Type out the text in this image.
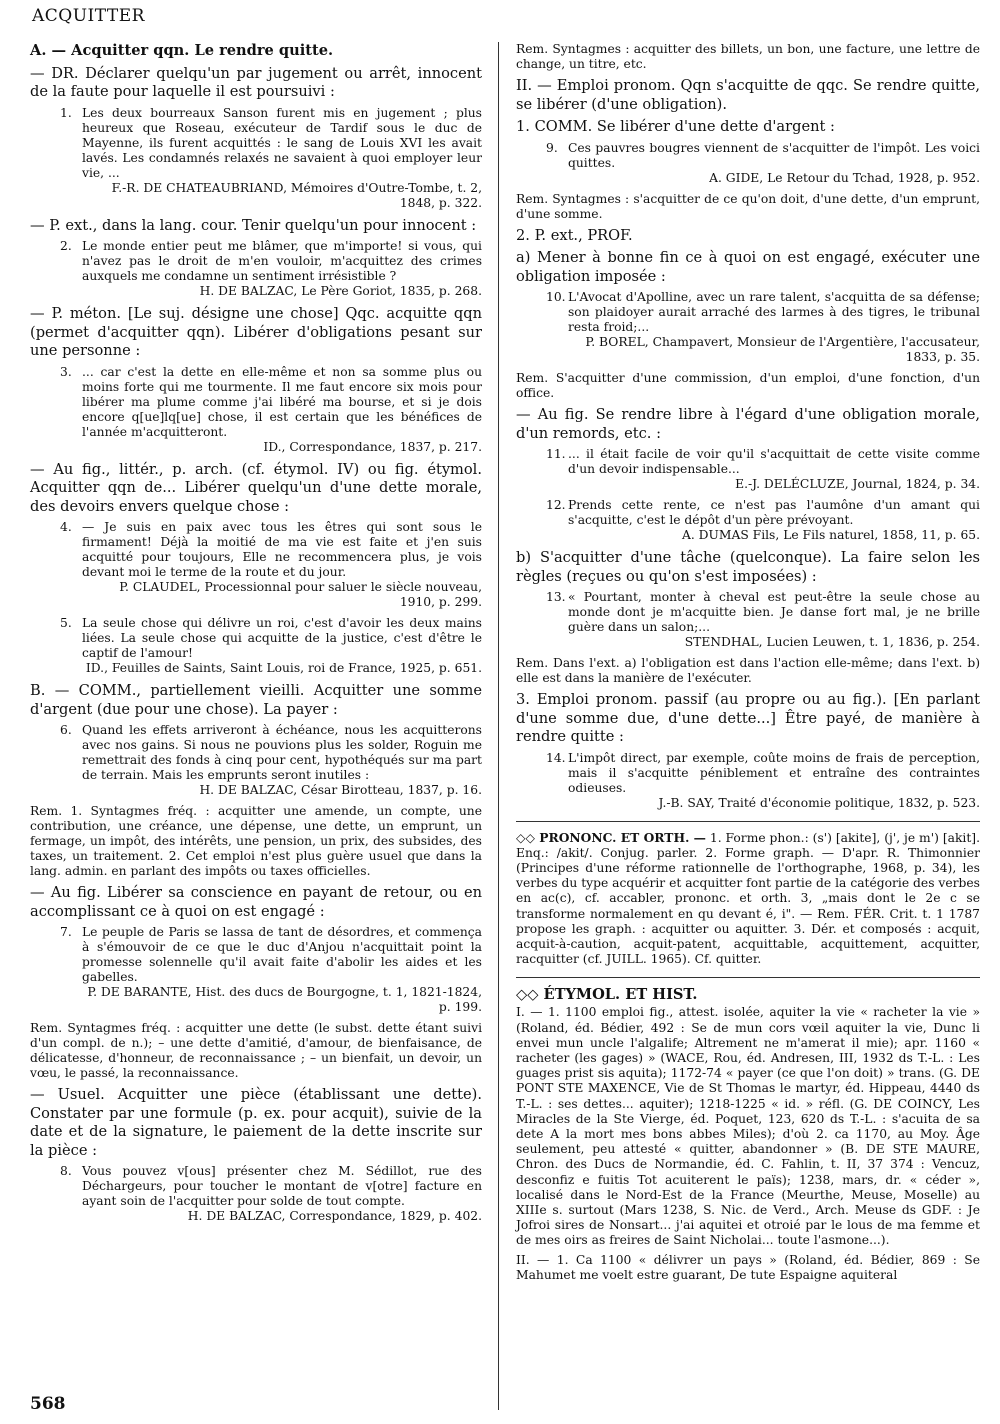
ACQUITTER

A. — Acquitter qqn. Le rendre quitte.

— DR. Déclarer quelqu'un par jugement ou arrêt, innocent de la faute pour laquelle il est poursuivi :

1. Les deux bourreaux Sanson furent mis en jugement ; plus heureux que Roseau, exécuteur de Tardif sous le duc de Mayenne, ils furent acquittés : le sang de Louis XVI les avait lavés. Les condamnés relaxés ne savaient à quoi employer leur vie, ...
F.-R. DE CHATEAUBRIAND, Mémoires d'Outre-Tombe, t. 2, 1848, p. 322.

— P. ext., dans la lang. cour. Tenir quelqu'un pour innocent :

2. Le monde entier peut me blâmer, que m'importe! si vous, qui n'avez pas le droit de m'en vouloir, m'acquittez des crimes auxquels me condamne un sentiment irrésistible ?
H. DE BALZAC, Le Père Goriot, 1835, p. 268.

— P. méton. [Le suj. désigne une chose] Qqc. acquitte qqn (permet d'acquitter qqn). Libérer d'obligations pesant sur une personne :

3. ... car c'est la dette en elle-même et non sa somme plus ou moins forte qui me tourmente. Il me faut encore six mois pour libérer ma plume comme j'ai libéré ma bourse, et si je dois encore q[ue]lq[ue] chose, il est certain que les bénéfices de l'année m'acquitteront.
ID., Correspondance, 1837, p. 217.

— Au fig., littér., p. arch. (cf. étymol. IV) ou fig. étymol. Acquitter qqn de... Libérer quelqu'un d'une dette morale, des devoirs envers quelque chose :

4. — Je suis en paix avec tous les êtres qui sont sous le firmament! Déjà la moitié de ma vie est faite et j'en suis acquitté pour toujours, Elle ne recommencera plus, je vois devant moi le terme de la route et du jour.
P. CLAUDEL, Processionnal pour saluer le siècle nouveau, 1910, p. 299.
5. La seule chose qui délivre un roi, c'est d'avoir les deux mains liées. La seule chose qui acquitte de la justice, c'est d'être le captif de l'amour!
ID., Feuilles de Saints, Saint Louis, roi de France, 1925, p. 651.

B. — COMM., partiellement vieilli. Acquitter une somme d'argent (due pour une chose). La payer :

6. Quand les effets arriveront à échéance, nous les acquitterons avec nos gains. Si nous ne pouvions plus les solder, Roguin me remettrait des fonds à cinq pour cent, hypothéqués sur ma part de terrain. Mais les emprunts seront inutiles :
H. DE BALZAC, César Birotteau, 1837, p. 16.

Rem. 1. Syntagmes fréq. : acquitter une amende, un compte, une contribution, une créance, une dépense, une dette, un emprunt, un fermage, un impôt, des intérêts, une pension, un prix, des subsides, des taxes, un traitement. 2. Cet emploi n'est plus guère usuel que dans la lang. admin. en parlant des impôts ou taxes officielles.

— Au fig. Libérer sa conscience en payant de retour, ou en accomplissant ce à quoi on est engagé :

7. Le peuple de Paris se lassa de tant de désordres, et commença à s'émouvoir de ce que le duc d'Anjou n'acquittait point la promesse solennelle qu'il avait faite d'abolir les aides et les gabelles.
P. DE BARANTE, Hist. des ducs de Bourgogne, t. 1, 1821-1824, p. 199.

Rem. Syntagmes fréq. : acquitter une dette (le subst. dette étant suivi d'un compl. de n.); – une dette d'amitié, d'amour, de bienfaisance, de délicatesse, d'honneur, de reconnaissance ; – un bienfait, un devoir, un vœu, le passé, la reconnaissance.

— Usuel. Acquitter une pièce (établissant une dette). Constater par une formule (p. ex. pour acquit), suivie de la date et de la signature, le paiement de la dette inscrite sur la pièce :

8. Vous pouvez v[ous] présenter chez M. Sédillot, rue des Déchargeurs, pour toucher le montant de v[otre] facture en ayant soin de l'acquitter pour solde de tout compte.
H. DE BALZAC, Correspondance, 1829, p. 402.

Rem. Syntagmes : acquitter des billets, un bon, une facture, une lettre de change, un titre, etc.

II. — Emploi pronom. Qqn s'acquitte de qqc. Se rendre quitte, se libérer (d'une obligation).

1. COMM. Se libérer d'une dette d'argent :

9. Ces pauvres bougres viennent de s'acquitter de l'impôt. Les voici quittes.
A. GIDE, Le Retour du Tchad, 1928, p. 952.

Rem. Syntagmes : s'acquitter de ce qu'on doit, d'une dette, d'un emprunt, d'une somme.

2. P. ext., PROF.

a) Mener à bonne fin ce à quoi on est engagé, exécuter une obligation imposée :

10. L'Avocat d'Apolline, avec un rare talent, s'acquitta de sa défense; son plaidoyer aurait arraché des larmes à des tigres, le tribunal resta froid;...
P. BOREL, Champavert, Monsieur de l'Argentière, l'accusateur, 1833, p. 35.

Rem. S'acquitter d'une commission, d'un emploi, d'une fonction, d'un office.

— Au fig. Se rendre libre à l'égard d'une obligation morale, d'un remords, etc. :

11. ... il était facile de voir qu'il s'acquittait de cette visite comme d'un devoir indispensable...
E.-J. DELÉCLUZE, Journal, 1824, p. 34.
12. Prends cette rente, ce n'est pas l'aumône d'un amant qui s'acquitte, c'est le dépôt d'un père prévoyant.
A. DUMAS Fils, Le Fils naturel, 1858, 11, p. 65.

b) S'acquitter d'une tâche (quelconque). La faire selon les règles (reçues ou qu'on s'est imposées) :

13. « Pourtant, monter à cheval est peut-être la seule chose au monde dont je m'acquitte bien. Je danse fort mal, je ne brille guère dans un salon;...
STENDHAL, Lucien Leuwen, t. 1, 1836, p. 254.

Rem. Dans l'ext. a) l'obligation est dans l'action elle-même; dans l'ext. b) elle est dans la manière de l'exécuter.

3. Emploi pronom. passif (au propre ou au fig.). [En parlant d'une somme due, d'une dette...] Être payé, de manière à rendre quitte :

14. L'impôt direct, par exemple, coûte moins de frais de perception, mais il s'acquitte péniblement et entraîne des contraintes odieuses.
J.-B. SAY, Traité d'économie politique, 1832, p. 523.

◇◇ PRONONC. ET ORTH. — 1. Forme phon.: (s') [akite], (j', je m') [akit]. Enq.: /akit/. Conjug. parler. 2. Forme graph. — D'apr. R. Thimonnier (Principes d'une réforme rationnelle de l'orthographe, 1968, p. 34), les verbes du type acquérir et acquitter font partie de la catégorie des verbes en ac(c), cf. accabler, prononc. et orth. 3, „mais dont le 2e c se transforme normalement en qu devant é, i". — Rem. FÉR. Crit. t. 1 1787 propose les graph. : acquitter ou aquitter. 3. Dér. et composés : acquit, acquit-à-caution, acquit-patent, acquittable, acquittement, acquitter, racquitter (cf. JUILL. 1965). Cf. quitter.

◇◇ ÉTYMOL. ET HIST.

I. — 1. 1100 emploi fig., attest. isolée, aquiter la vie « racheter la vie » (Roland, éd. Bédier, 492 : Se de mun cors vœil aquiter la vie, Dunc li envei mun uncle l'algalife; Altrement ne m'amerat il mie); apr. 1160 « racheter (les gages) » (WACE, Rou, éd. Andresen, III, 1932 ds T.-L. : Les guages prist sis aquita); 1172-74 « payer (ce que l'on doit) » trans. (G. DE PONT STE MAXENCE, Vie de St Thomas le martyr, éd. Hippeau, 4440 ds T.-L. : ses dettes... aquiter); 1218-1225 « id. » réfl. (G. DE COINCY, Les Miracles de la Ste Vierge, éd. Poquet, 123, 620 ds T.-L. : s'acuita de sa dete A la mort mes bons abbes Miles); d'où 2. ca 1170, au Moy. Âge seulement, peu attesté « quitter, abandonner » (B. DE STE MAURE, Chron. des Ducs de Normandie, éd. C. Fahlin, t. II, 37 374 : Vencuz, desconfiz e fuitis Tot acuiterent le païs); 1238, mars, dr. « céder », localisé dans le Nord-Est de la France (Meurthe, Meuse, Moselle) au XIIIe s. surtout (Mars 1238, S. Nic. de Verd., Arch. Meuse ds GDF. : Je Jofroi sires de Nonsart... j'ai aquitei et otroié par le lous de ma femme et de mes oirs as freires de Saint Nicholai... toute l'asmone...).

II. — 1. Ca 1100 « délivrer un pays » (Roland, éd. Bédier, 869 : Se Mahumet me voelt estre guarant, De tute Espaigne aquiteral

568
